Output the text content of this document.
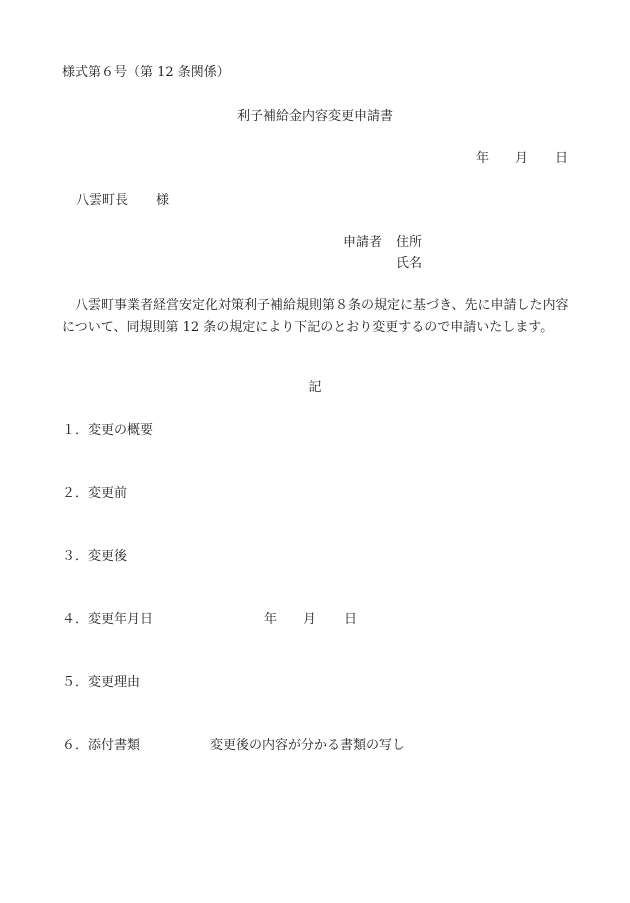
様式第６号（第 12 条関係）
利子補給金内容変更申請書
年 月 日
八雲町長 様
申請者 住所
氏名
八雲町事業者経営安定化対策利子補給規則第８条の規定に基づき、先に申請した内容について、同規則第 12 条の規定により下記のとおり変更するので申請いたします。
記
１．変更の概要
２．変更前
３．変更後
４．変更年月日	年 月 日
５．変更理由
６．添付書類	変更後の内容が分かる書類の写し
